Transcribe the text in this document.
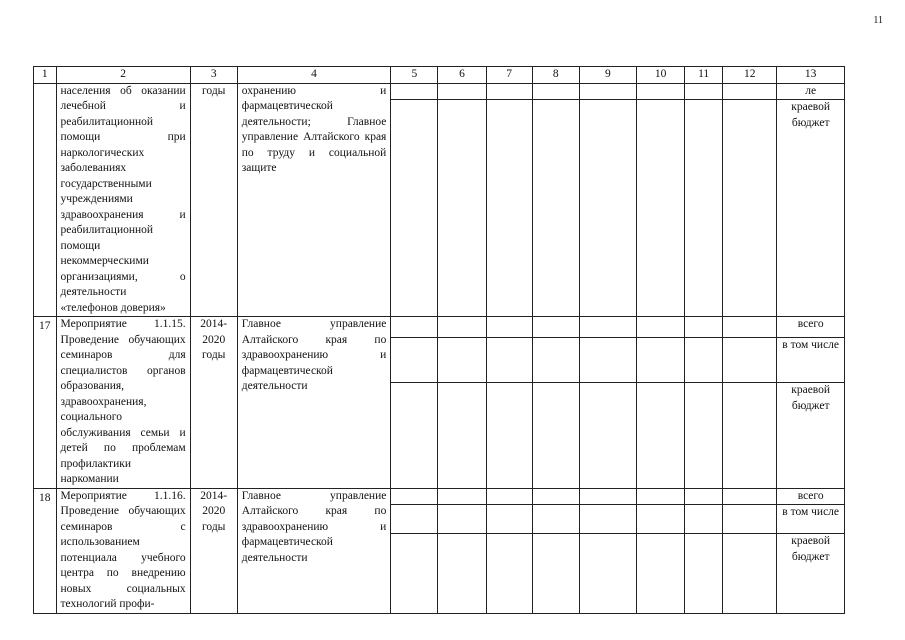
11
1	2	3	4	5	6	7	8	9	10	11	12	13
	населения об оказании лечебной и реабилитационной помощи при наркологических заболеваниях государственными учреждениями здравоохранения и реабилитационной помощи некоммерческими организациями, о деятельности «телефонов доверия»	годы	охранению и фармацевтической деятельности; Главное управление Алтайского края по труду и социальной защите									ле
												краевой бюджет
17	Мероприятие 1.1.15. Проведение обучающих семинаров для специалистов органов образования, здравоохранения, социального обслуживания семьи и детей по проблемам профилактики наркомании	2014-2020 годы	Главное управление Алтайского края по здравоохранению и фармацевтической деятельности									всего
												в том числе
												краевой бюджет
18	Мероприятие 1.1.16. Проведение обучающих семинаров с использованием потенциала учебного центра по внедрению новых социальных технологий профи-	2014-2020 годы	Главное управление Алтайского края по здравоохранению и фармацевтической деятельности									всего
												в том числе
												краевой бюджет
